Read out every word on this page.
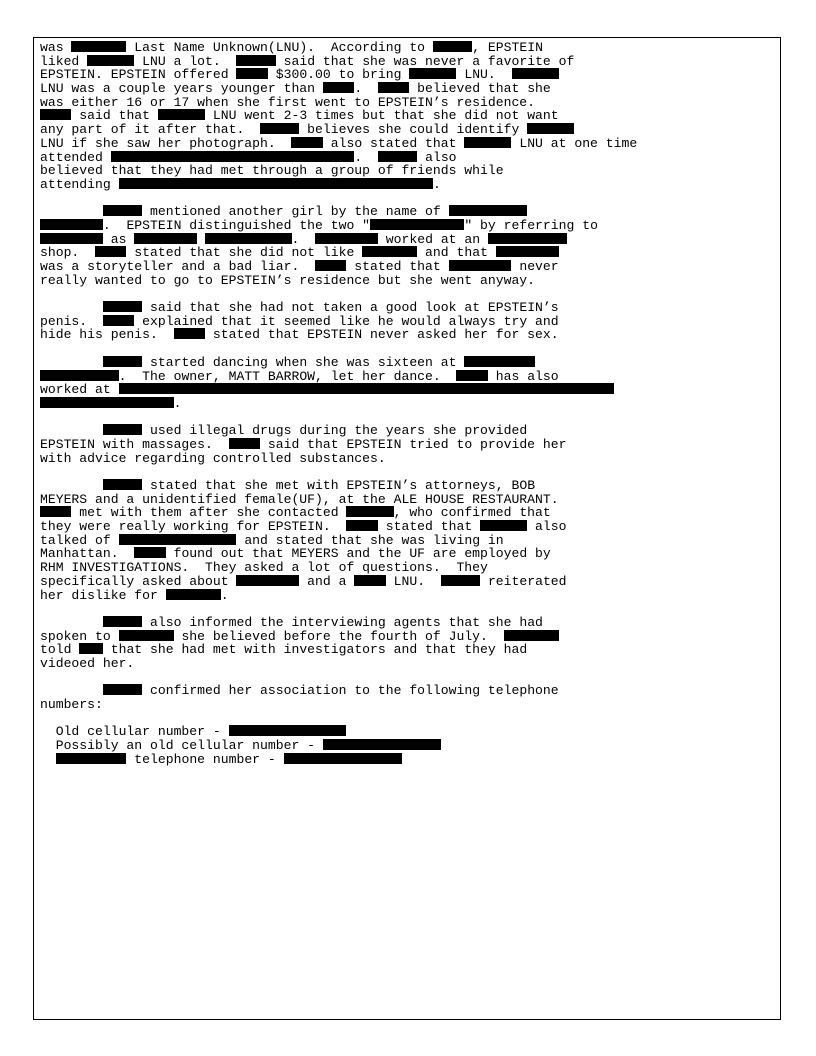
was	Last Name Unknown(LNU).  According to	, EPSTEIN
liked	LNU a lot.	said that she was never a favorite of
EPSTEIN. EPSTEIN offered  $300.00 to bring	LNU.
LNU was a couple years younger than .   believed that she
was either 16 or 17 when she first went to EPSTEIN’s residence.
said that	LNU went 2-3 times but that she did not want
any part of it after that.	believes she could identify
LNU if she saw her photograph.   also stated that	LNU at one time
attended	.	also
believed that they had met through a group of friends while
attending	.
mentioned another girl by the name of
.  EPSTEIN distinguished the two "	" by referring to
as	.	worked at an
shop.   stated that she did not like	and that
was a storyteller and a bad liar.   stated that	never
really wanted to go to EPSTEIN’s residence but she went anyway.
said that she had not taken a good look at EPSTEIN’s
penis.   explained that it seemed like he would always try and
hide his penis.   stated that EPSTEIN never asked her for sex.
started dancing when she was sixteen at
.  The owner, MATT BARROW, let her dance.   has also
worked at
.
used illegal drugs during the years she provided
EPSTEIN with massages.   said that EPSTEIN tried to provide her
with advice regarding controlled substances.
stated that she met with EPSTEIN’s attorneys, BOB
MEYERS and a unidentified female(UF), at the ALE HOUSE RESTAURANT.
met with them after she contacted	, who confirmed that
they were really working for EPSTEIN.   stated that	also
talked of	and stated that she was living in
Manhattan.   found out that MEYERS and the UF are employed by
RHM INVESTIGATIONS.  They asked a lot of questions.  They
specifically asked about	and a  LNU.	reiterated
her dislike for	.
also informed the interviewing agents that she had
spoken to	she believed before the fourth of July.
told  that she had met with investigators and that they had
videoed her.
confirmed her association to the following telephone
numbers:
Old cellular number -
Possibly an old cellular number -
telephone number -
